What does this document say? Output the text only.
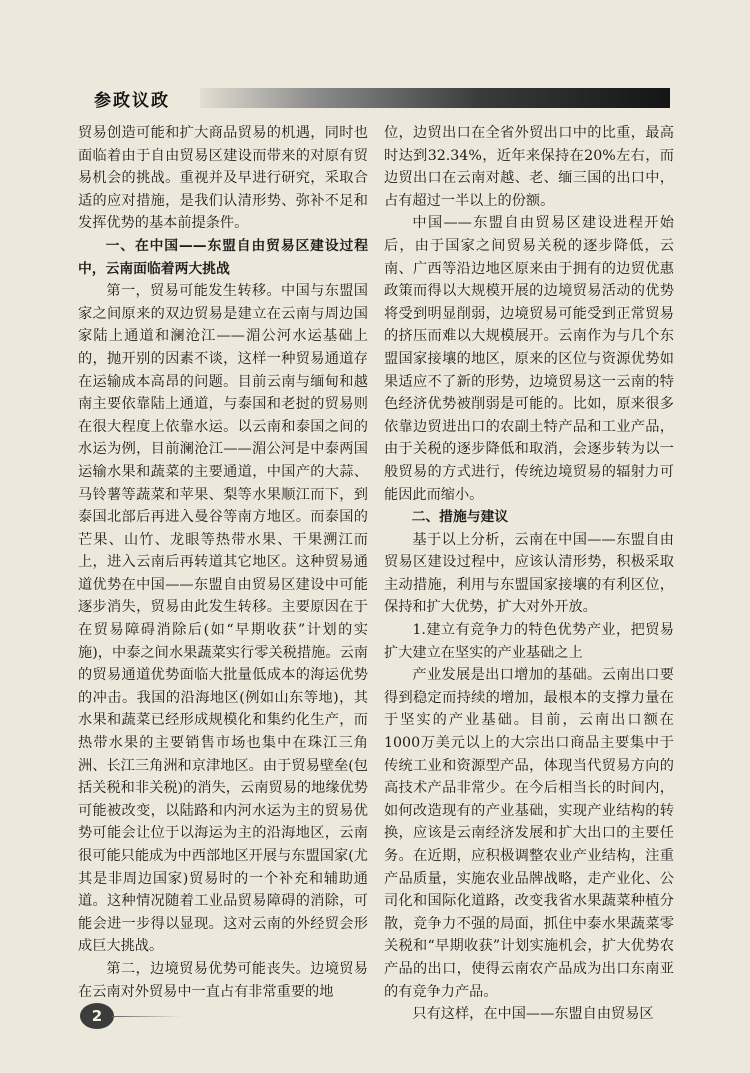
参政议政

贸易创造可能和扩大商品贸易的机遇，同时也面临着由于自由贸易区建设而带来的对原有贸易机会的挑战。重视并及早进行研究，采取合适的应对措施，是我们认清形势、弥补不足和发挥优势的基本前提条件。

一、在中国——东盟自由贸易区建设过程中，云南面临着两大挑战

第一，贸易可能发生转移。中国与东盟国家之间原来的双边贸易是建立在云南与周边国家陆上通道和澜沧江——湄公河水运基础上的，抛开别的因素不谈，这样一种贸易通道存在运输成本高昂的问题。目前云南与缅甸和越南主要依靠陆上通道，与泰国和老挝的贸易则在很大程度上依靠水运。以云南和泰国之间的水运为例，目前澜沧江——湄公河是中泰两国运输水果和蔬菜的主要通道，中国产的大蒜、马铃薯等蔬菜和苹果、梨等水果顺江而下，到泰国北部后再进入曼谷等南方地区。而泰国的芒果、山竹、龙眼等热带水果、干果溯江而上，进入云南后再转道其它地区。这种贸易通道优势在中国——东盟自由贸易区建设中可能逐步消失，贸易由此发生转移。主要原因在于在贸易障碍消除后(如“早期收获”计划的实施)，中泰之间水果蔬菜实行零关税措施。云南的贸易通道优势面临大批量低成本的海运优势的冲击。我国的沿海地区(例如山东等地)，其水果和蔬菜已经形成规模化和集约化生产，而热带水果的主要销售市场也集中在珠江三角洲、长江三角洲和京津地区。由于贸易壁垒(包括关税和非关税)的消失，云南贸易的地缘优势可能被改变，以陆路和内河水运为主的贸易优势可能会让位于以海运为主的沿海地区，云南很可能只能成为中西部地区开展与东盟国家(尤其是非周边国家)贸易时的一个补充和辅助通道。这种情况随着工业品贸易障碍的消除，可能会进一步得以显现。这对云南的外经贸会形成巨大挑战。

第二，边境贸易优势可能丧失。边境贸易在云南对外贸易中一直占有非常重要的地

位，边贸出口在全省外贸出口中的比重，最高时达到32.34%，近年来保持在20%左右，而边贸出口在云南对越、老、缅三国的出口中，占有超过一半以上的份额。

中国——东盟自由贸易区建设进程开始后，由于国家之间贸易关税的逐步降低，云南、广西等沿边地区原来由于拥有的边贸优惠政策而得以大规模开展的边境贸易活动的优势将受到明显削弱，边境贸易可能受到正常贸易的挤压而难以大规模展开。云南作为与几个东盟国家接壤的地区，原来的区位与资源优势如果适应不了新的形势，边境贸易这一云南的特色经济优势被削弱是可能的。比如，原来很多依靠边贸进出口的农副土特产品和工业产品，由于关税的逐步降低和取消，会逐步转为以一般贸易的方式进行，传统边境贸易的辐射力可能因此而缩小。

二、措施与建议

基于以上分析，云南在中国——东盟自由贸易区建设过程中，应该认清形势，积极采取主动措施，利用与东盟国家接壤的有利区位，保持和扩大优势，扩大对外开放。

1.建立有竞争力的特色优势产业，把贸易扩大建立在坚实的产业基础之上

产业发展是出口增加的基础。云南出口要得到稳定而持续的增加，最根本的支撑力量在于坚实的产业基础。目前，云南出口额在1000万美元以上的大宗出口商品主要集中于传统工业和资源型产品，体现当代贸易方向的高技术产品非常少。在今后相当长的时间内，如何改造现有的产业基础，实现产业结构的转换，应该是云南经济发展和扩大出口的主要任务。在近期，应积极调整农业产业结构，注重产品质量，实施农业品牌战略，走产业化、公司化和国际化道路，改变我省水果蔬菜种植分散，竞争力不强的局面，抓住中泰水果蔬菜零关税和“早期收获”计划实施机会，扩大优势农产品的出口，使得云南农产品成为出口东南亚的有竞争力产品。

只有这样，在中国——东盟自由贸易区

2
